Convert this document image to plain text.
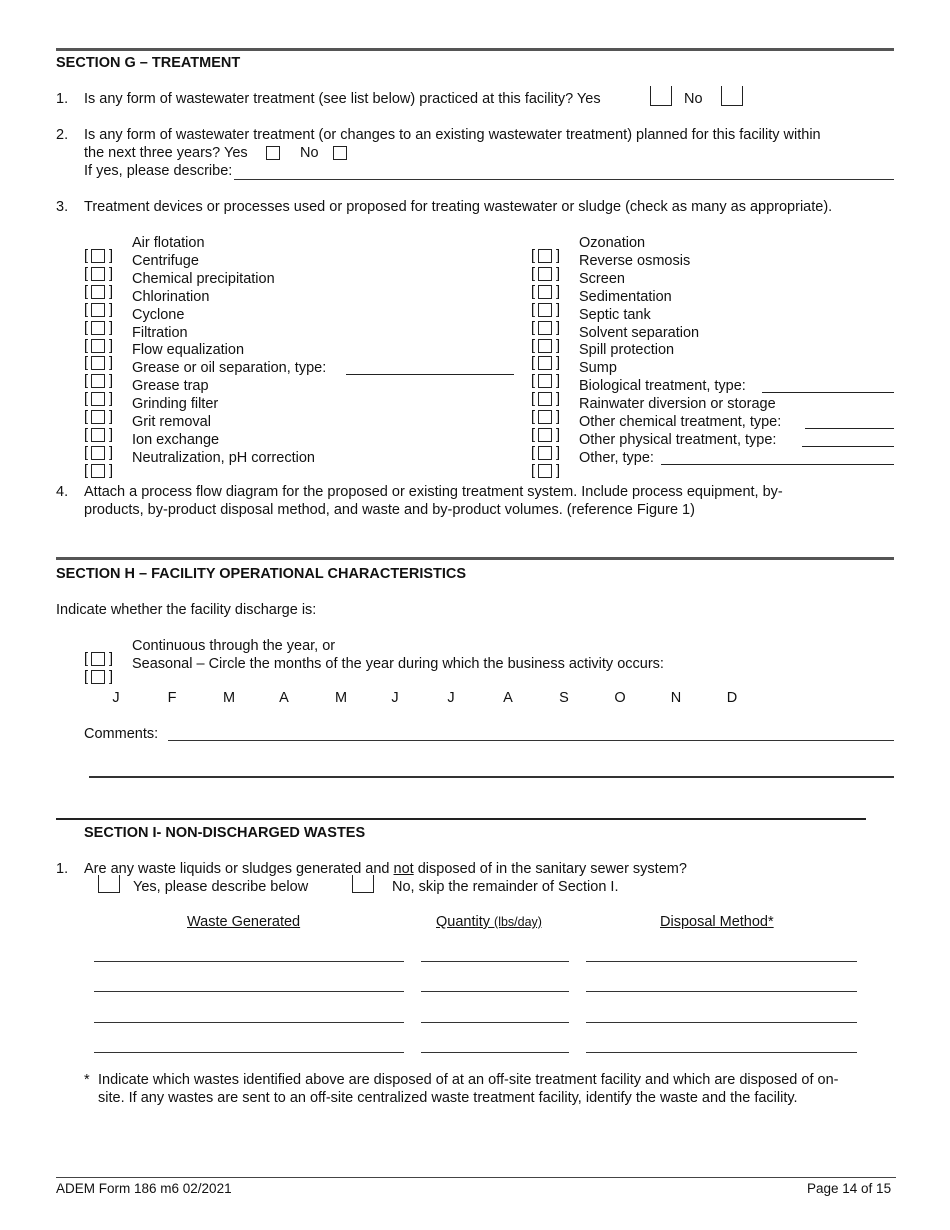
SECTION G – TREATMENT
1. Is any form of wastewater treatment (see list below) practiced at this facility? Yes	No
2. Is any form of wastewater treatment (or changes to an existing wastewater treatment) planned for this facility within
the next three years? Yes	No
If yes, please describe:
3. Treatment devices or processes used or proposed for treating wastewater or sludge (check as many as appropriate).
[ ]
Air flotation
[ ]
Centrifuge
[ ]
Chemical precipitation
[ ]
Chlorination
[ ]
Cyclone
[ ]
Filtration
[ ]
Flow equalization
[ ]
Grease or oil separation, type:
[ ]
Grease trap
[ ]
Grinding filter
[ ]
Grit removal
[ ]
Ion exchange
[ ]
Neutralization, pH correction
[ ]
Ozonation
[ ]
Reverse osmosis
[ ]
Screen
[ ]
Sedimentation
[ ]
Septic tank
[ ]
Solvent separation
[ ]
Spill protection
[ ]
Sump
[ ]
Biological treatment, type:
[ ]
Rainwater diversion or storage
[ ]
Other chemical treatment, type:
[ ]
Other physical treatment, type:
[ ]
Other, type:
4. Attach a process flow diagram for the proposed or existing treatment system. Include process equipment, by-
products, by-product disposal method, and waste and by-product volumes. (reference Figure 1)
SECTION H – FACILITY OPERATIONAL CHARACTERISTICS
Indicate whether the facility discharge is:
[ ]
Continuous through the year, or
[ ]
Seasonal – Circle the months of the year during which the business activity occurs:
J	F	M	A	M	J	J	A	S	O	N	D
Comments:
SECTION I- NON-DISCHARGED WASTES
1. Are any waste liquids or sludges generated and not disposed of in the sanitary sewer system?
Yes, please describe below	No, skip the remainder of Section I.
Waste Generated	Quantity (lbs/day)	Disposal Method*
* Indicate which wastes identified above are disposed of at an off-site treatment facility and which are disposed of on-
site. If any wastes are sent to an off-site centralized waste treatment facility, identify the waste and the facility.
ADEM Form 186 m6 02/2021	Page 14 of 15
